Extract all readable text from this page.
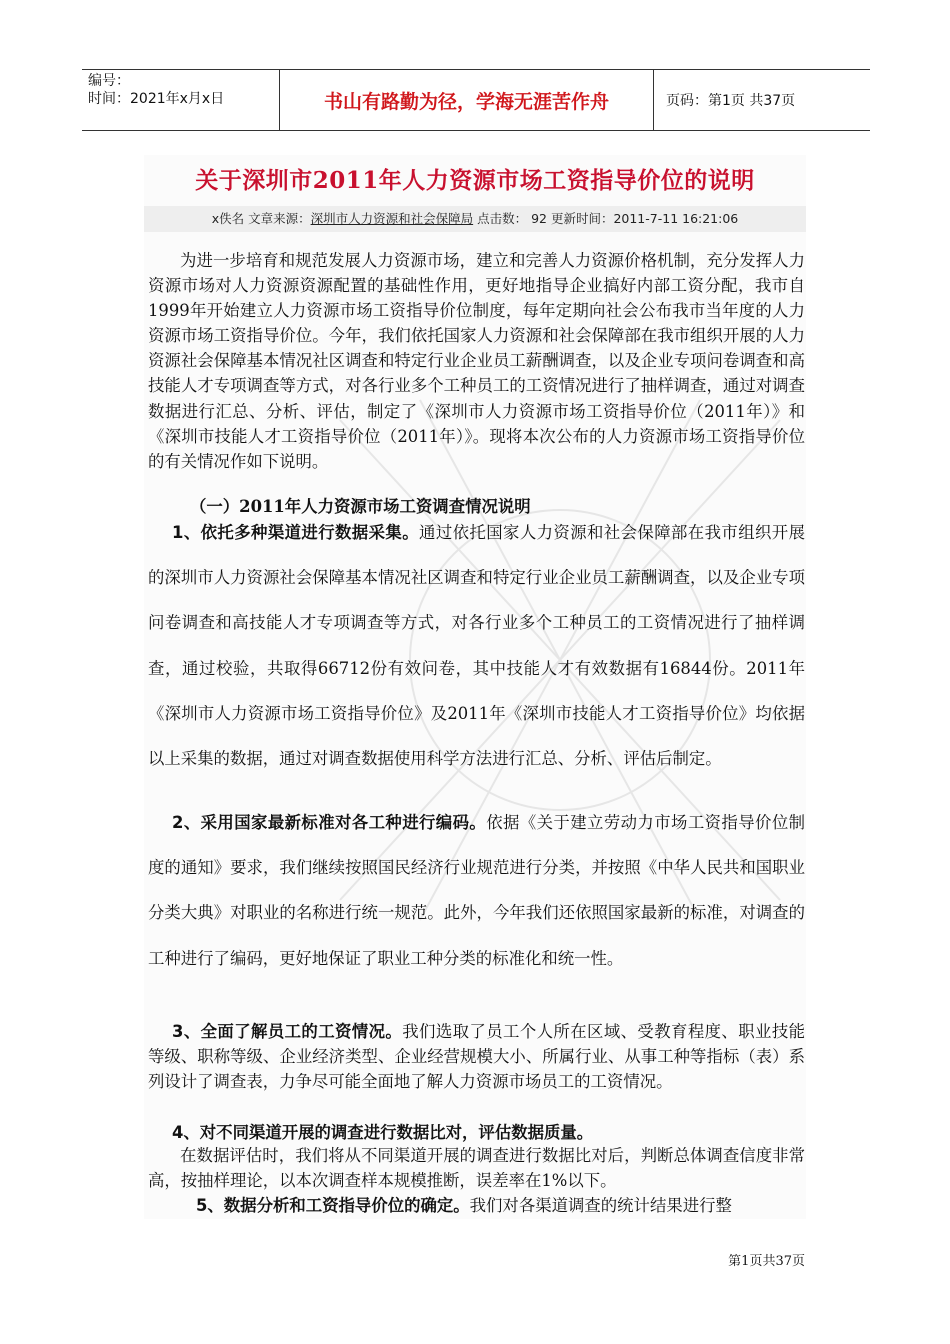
编号：
时间：2021年x月x日	书山有路勤为径，学海无涯苦作舟	页码：第1页 共37页
关于深圳市2011年人力资源市场工资指导价位的说明
x佚名 文章来源：深圳市人力资源和社会保障局 点击数： 92 更新时间：2011-7-11 16:21:06
为进一步培育和规范发展人力资源市场，建立和完善人力资源价格机制，充分发挥人力资源市场对人力资源资源配置的基础性作用，更好地指导企业搞好内部工资分配，我市自1999年开始建立人力资源市场工资指导价位制度，每年定期向社会公布我市当年度的人力资源市场工资指导价位。今年，我们依托国家人力资源和社会保障部在我市组织开展的人力资源社会保障基本情况社区调查和特定行业企业员工薪酬调查，以及企业专项问卷调查和高技能人才专项调查等方式，对各行业多个工种员工的工资情况进行了抽样调查，通过对调查数据进行汇总、分析、评估，制定了《深圳市人力资源市场工资指导价位（2011年）》和《深圳市技能人才工资指导价位（2011年）》。现将本次公布的人力资源市场工资指导价位的有关情况作如下说明。
（一）2011年人力资源市场工资调查情况说明
1、依托多种渠道进行数据采集。通过依托国家人力资源和社会保障部在我市组织开展的深圳市人力资源社会保障基本情况社区调查和特定行业企业员工薪酬调查，以及企业专项问卷调查和高技能人才专项调查等方式，对各行业多个工种员工的工资情况进行了抽样调查，通过校验，共取得66712份有效问卷，其中技能人才有效数据有16844份。2011年《深圳市人力资源市场工资指导价位》及2011年《深圳市技能人才工资指导价位》均依据以上采集的数据，通过对调查数据使用科学方法进行汇总、分析、评估后制定。
2、采用国家最新标准对各工种进行编码。依据《关于建立劳动力市场工资指导价位制度的通知》要求，我们继续按照国民经济行业规范进行分类，并按照《中华人民共和国职业分类大典》对职业的名称进行统一规范。此外，今年我们还依照国家最新的标准，对调查的工种进行了编码，更好地保证了职业工种分类的标准化和统一性。
3、全面了解员工的工资情况。我们选取了员工个人所在区域、受教育程度、职业技能等级、职称等级、企业经济类型、企业经营规模大小、所属行业、从事工种等指标（表）系列设计了调查表，力争尽可能全面地了解人力资源市场员工的工资情况。
4、对不同渠道开展的调查进行数据比对，评估数据质量。
在数据评估时，我们将从不同渠道开展的调查进行数据比对后，判断总体调查信度非常高，按抽样理论，以本次调查样本规模推断，误差率在1%以下。
5、数据分析和工资指导价位的确定。我们对各渠道调查的统计结果进行整
第1页共37页
